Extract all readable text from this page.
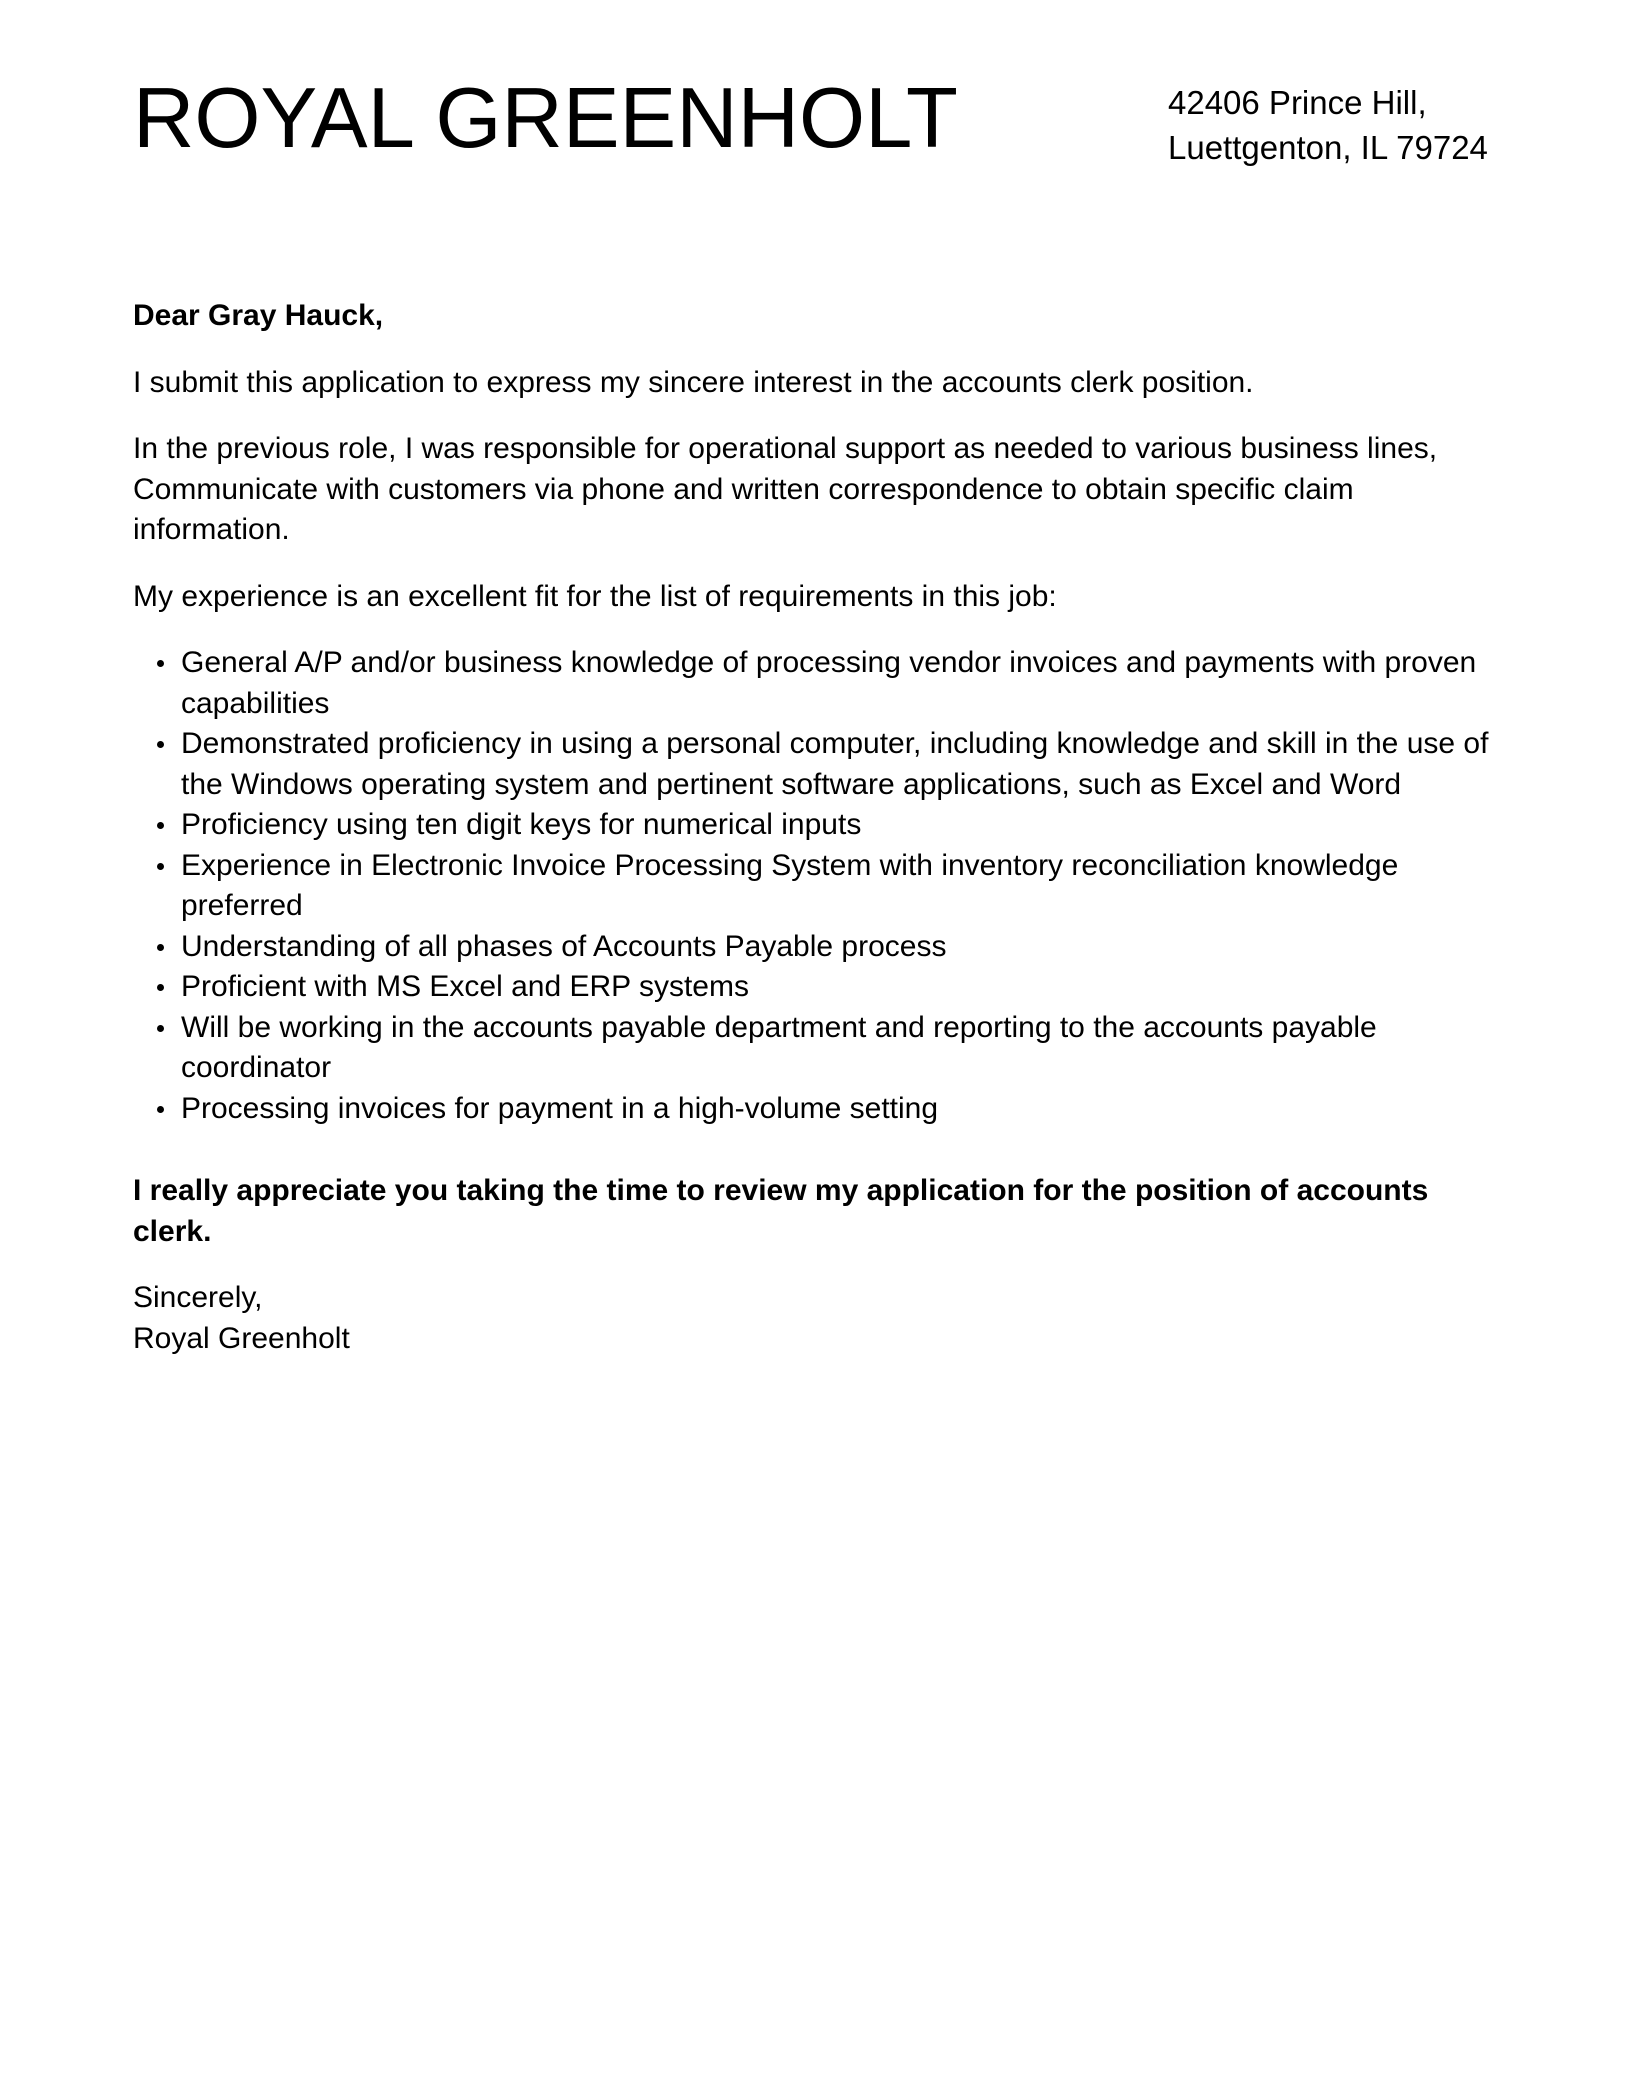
ROYAL GREENHOLT	42406 Prince Hill,
Luettgenton, IL 79724

Dear Gray Hauck,

I submit this application to express my sincere interest in the accounts clerk position.

In the previous role, I was responsible for operational support as needed to various business lines, Communicate with customers via phone and written correspondence to obtain specific claim information.

My experience is an excellent fit for the list of requirements in this job:

General A/P and/or business knowledge of processing vendor invoices and payments with proven capabilities
Demonstrated proficiency in using a personal computer, including knowledge and skill in the use of the Windows operating system and pertinent software applications, such as Excel and Word
Proficiency using ten digit keys for numerical inputs
Experience in Electronic Invoice Processing System with inventory reconciliation knowledge preferred
Understanding of all phases of Accounts Payable process
Proficient with MS Excel and ERP systems
Will be working in the accounts payable department and reporting to the accounts payable coordinator
Processing invoices for payment in a high-volume setting

I really appreciate you taking the time to review my application for the position of accounts clerk.

Sincerely,
Royal Greenholt
